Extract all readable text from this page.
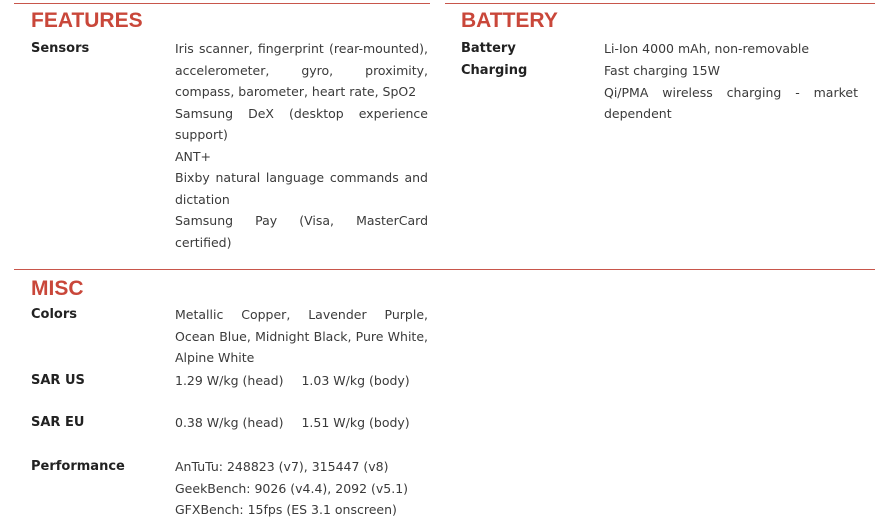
FEATURES
Sensors	Iris scanner, fingerprint (rear-mounted), accelerometer, gyro, proximity, compass, barometer, heart rate, SpO2
Samsung DeX (desktop experience support)
ANT+
Bixby natural language commands and dictation
Samsung Pay (Visa, MasterCard certified)
BATTERY
Battery	Li-Ion 4000 mAh, non-removable
Charging	Fast charging 15W
Qi/PMA wireless charging - market dependent
MISC
Colors	Metallic Copper, Lavender Purple, Ocean Blue, Midnight Black, Pure White, Alpine White
SAR US	1.29 W/kg (head) 1.03 W/kg (body)
SAR EU	0.38 W/kg (head) 1.51 W/kg (body)
Performance	AnTuTu: 248823 (v7), 315447 (v8)
GeekBench: 9026 (v4.4), 2092 (v5.1)
GFXBench: 15fps (ES 3.1 onscreen)
